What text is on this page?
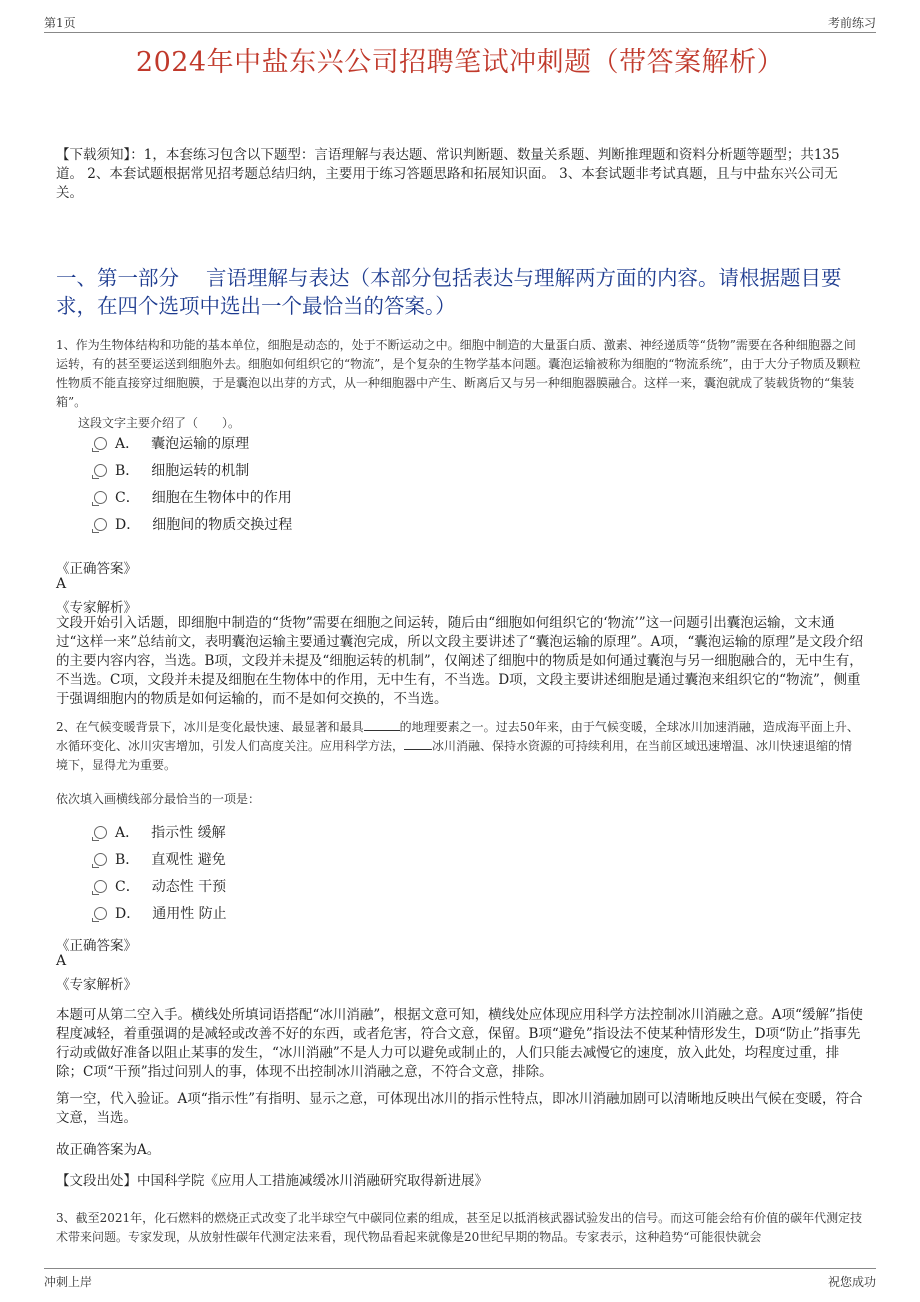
第1页	考前练习
2024年中盐东兴公司招聘笔试冲刺题（带答案解析）
【下载须知】：1，本套练习包含以下题型：言语理解与表达题、常识判断题、数量关系题、判断推理题和资料分析题等题型；共135道。 2、本套试题根据常见招考题总结归纳，主要用于练习答题思路和拓展知识面。 3、本套试题非考试真题，且与中盐东兴公司无关。
一、第一部分　 言语理解与表达（本部分包括表达与理解两方面的内容。请根据题目要求，在四个选项中选出一个最恰当的答案。）
1、作为生物体结构和功能的基本单位，细胞是动态的，处于不断运动之中。细胞中制造的大量蛋白质、激素、神经递质等“货物”需要在各种细胞器之间运转，有的甚至要运送到细胞外去。细胞如何组织它的“物流”，是个复杂的生物学基本问题。囊泡运输被称为细胞的“物流系统”，由于大分子物质及颗粒性物质不能直接穿过细胞膜，于是囊泡以出芽的方式，从一种细胞器中产生、断离后又与另一种细胞器膜融合。这样一来，囊泡就成了装载货物的“集装箱”。
这段文字主要介绍了（　　）。
A． 囊泡运输的原理
B． 细胞运转的机制
C． 细胞在生物体中的作用
D． 细胞间的物质交换过程
《正确答案》
A
《专家解析》
文段开始引入话题，即细胞中制造的“货物”需要在细胞之间运转，随后由“细胞如何组织它的‘物流’”这一问题引出囊泡运输，文末通过“这样一来”总结前文，表明囊泡运输主要通过囊泡完成，所以文段主要讲述了“囊泡运输的原理”。A项，“囊泡运输的原理”是文段介绍的主要内容内容，当选。B项，文段并未提及“细胞运转的机制”，仅阐述了细胞中的物质是如何通过囊泡与另一细胞融合的，无中生有，不当选。C项，文段并未提及细胞在生物体中的作用，无中生有，不当选。D项，文段主要讲述细胞是通过囊泡来组织它的“物流”，侧重于强调细胞内的物质是如何运输的，而不是如何交换的，不当选。
2、在气候变暖背景下，冰川是变化最快速、最显著和最具	的地理要素之一。过去50年来，由于气候变暖，全球冰川加速消融，造成海平面上升、水循环变化、冰川灾害增加，引发人们高度关注。应用科学方法， 冰川消融、保持水资源的可持续利用，在当前区域迅速增温、冰川快速退缩的情境下，显得尤为重要。
依次填入画横线部分最恰当的一项是：
A． 指示性 缓解
B． 直观性 避免
C． 动态性 干预
D． 通用性 防止
《正确答案》
A
《专家解析》
本题可从第二空入手。横线处所填词语搭配“冰川消融”，根据文意可知，横线处应体现应用科学方法控制冰川消融之意。A项“缓解”指使程度减轻，着重强调的是减轻或改善不好的东西，或者危害，符合文意，保留。B项“避免”指设法不使某种情形发生，D项“防止”指事先行动或做好准备以阻止某事的发生，“冰川消融”不是人力可以避免或制止的，人们只能去减慢它的速度，放入此处，均程度过重，排除；C项“干预”指过问别人的事，体现不出控制冰川消融之意，不符合文意，排除。
第一空，代入验证。A项“指示性”有指明、显示之意，可体现出冰川的指示性特点，即冰川消融加剧可以清晰地反映出气候在变暖，符合文意，当选。
故正确答案为A。
【文段出处】中国科学院《应用人工措施减缓冰川消融研究取得新进展》
3、截至2021年，化石燃料的燃烧正式改变了北半球空气中碳同位素的组成，甚至足以抵消核武器试验发出的信号。而这可能会给有价值的碳年代测定技术带来问题。专家发现，从放射性碳年代测定法来看，现代物品看起来就像是20世纪早期的物品。专家表示，这种趋势“可能很快就会
冲刺上岸	祝您成功
